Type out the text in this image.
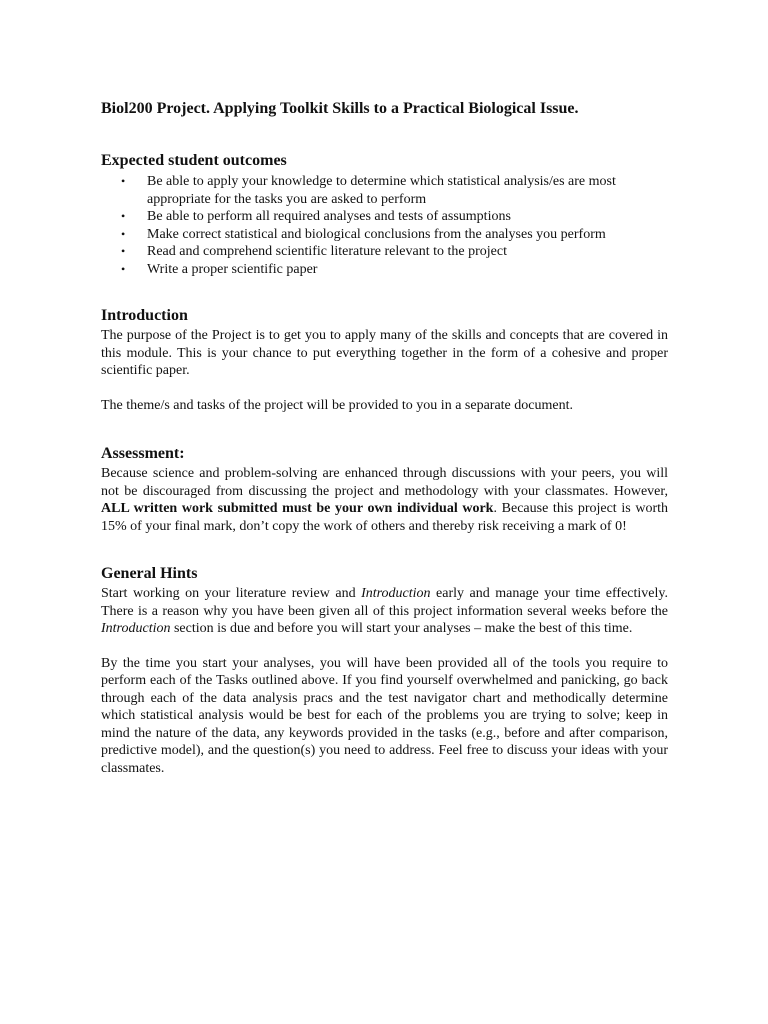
Biol200 Project. Applying Toolkit Skills to a Practical Biological Issue.
Expected student outcomes
• Be able to apply your knowledge to determine which statistical analysis/es are most appropriate for the tasks you are asked to perform
• Be able to perform all required analyses and tests of assumptions
• Make correct statistical and biological conclusions from the analyses you perform
• Read and comprehend scientific literature relevant to the project
• Write a proper scientific paper
Introduction

The purpose of the Project is to get you to apply many of the skills and concepts that are covered in this module. This is your chance to put everything together in the form of a cohesive and proper scientific paper.

The theme/s and tasks of the project will be provided to you in a separate document.

Assessment:

Because science and problem-solving are enhanced through discussions with your peers, you will not be discouraged from discussing the project and methodology with your classmates. However, ALL written work submitted must be your own individual work. Because this project is worth 15% of your final mark, don’t copy the work of others and thereby risk receiving a mark of 0!

General Hints

Start working on your literature review and Introduction early and manage your time effectively. There is a reason why you have been given all of this project information several weeks before the Introduction section is due and before you will start your analyses – make the best of this time.

By the time you start your analyses, you will have been provided all of the tools you require to perform each of the Tasks outlined above. If you find yourself overwhelmed and panicking, go back through each of the data analysis pracs and the test navigator chart and methodically determine which statistical analysis would be best for each of the problems you are trying to solve; keep in mind the nature of the data, any keywords provided in the tasks (e.g., before and after comparison, predictive model), and the question(s) you need to address. Feel free to discuss your ideas with your classmates.
